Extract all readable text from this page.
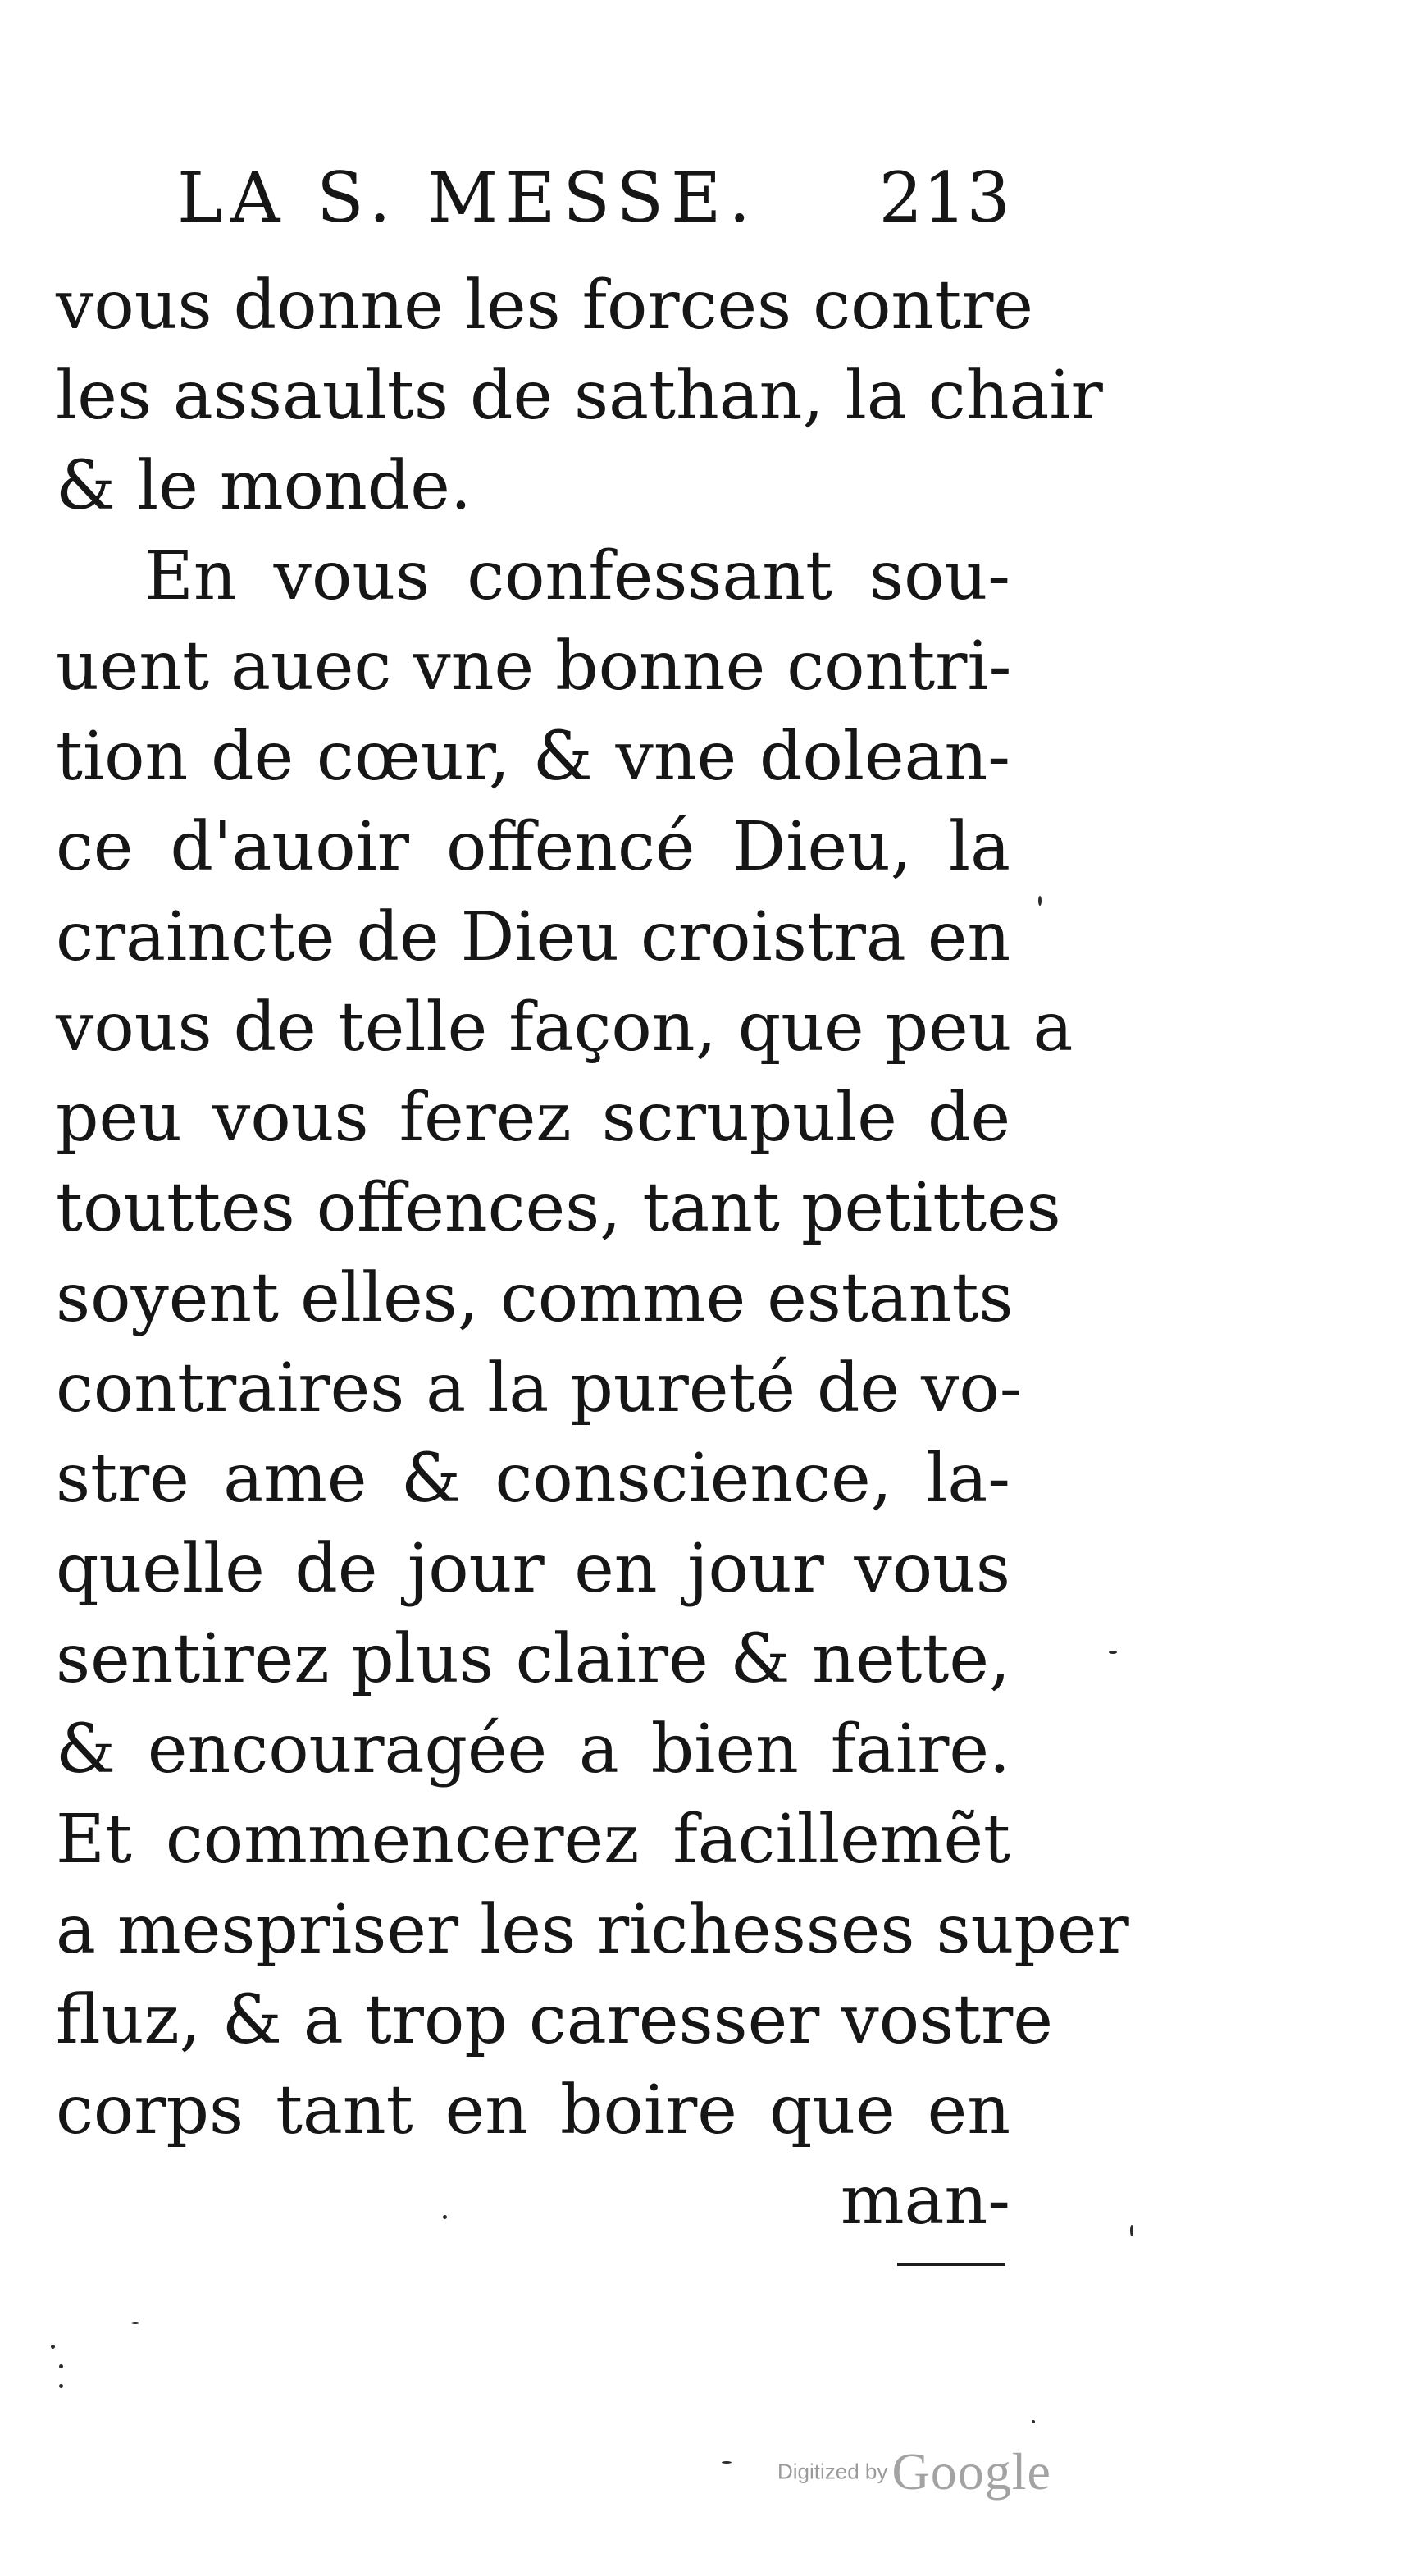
LA S. MESSE. 213
vous donne les forces contre
les assaults de sathan, la chair
& le monde.
En vous confessant sou-
uent auec vne bonne contri-
tion de cœur, & vne dolean-
ce d'auoir offencé Dieu, la
craincte de Dieu croistra en
vous de telle façon, que peu a
peu vous ferez scrupule de
touttes offences, tant petittes
soyent elles, comme estants
contraires a la pureté de vo-
stre ame & conscience, la-
quelle de jour en jour vous
sentirez plus claire & nette,
& encouragée a bien faire.
Et commencerez facillemẽt
a mespriser les richesses super
fluz, & a trop caresser vostre
corps tant en boire que en
man-
Digitized by Google
